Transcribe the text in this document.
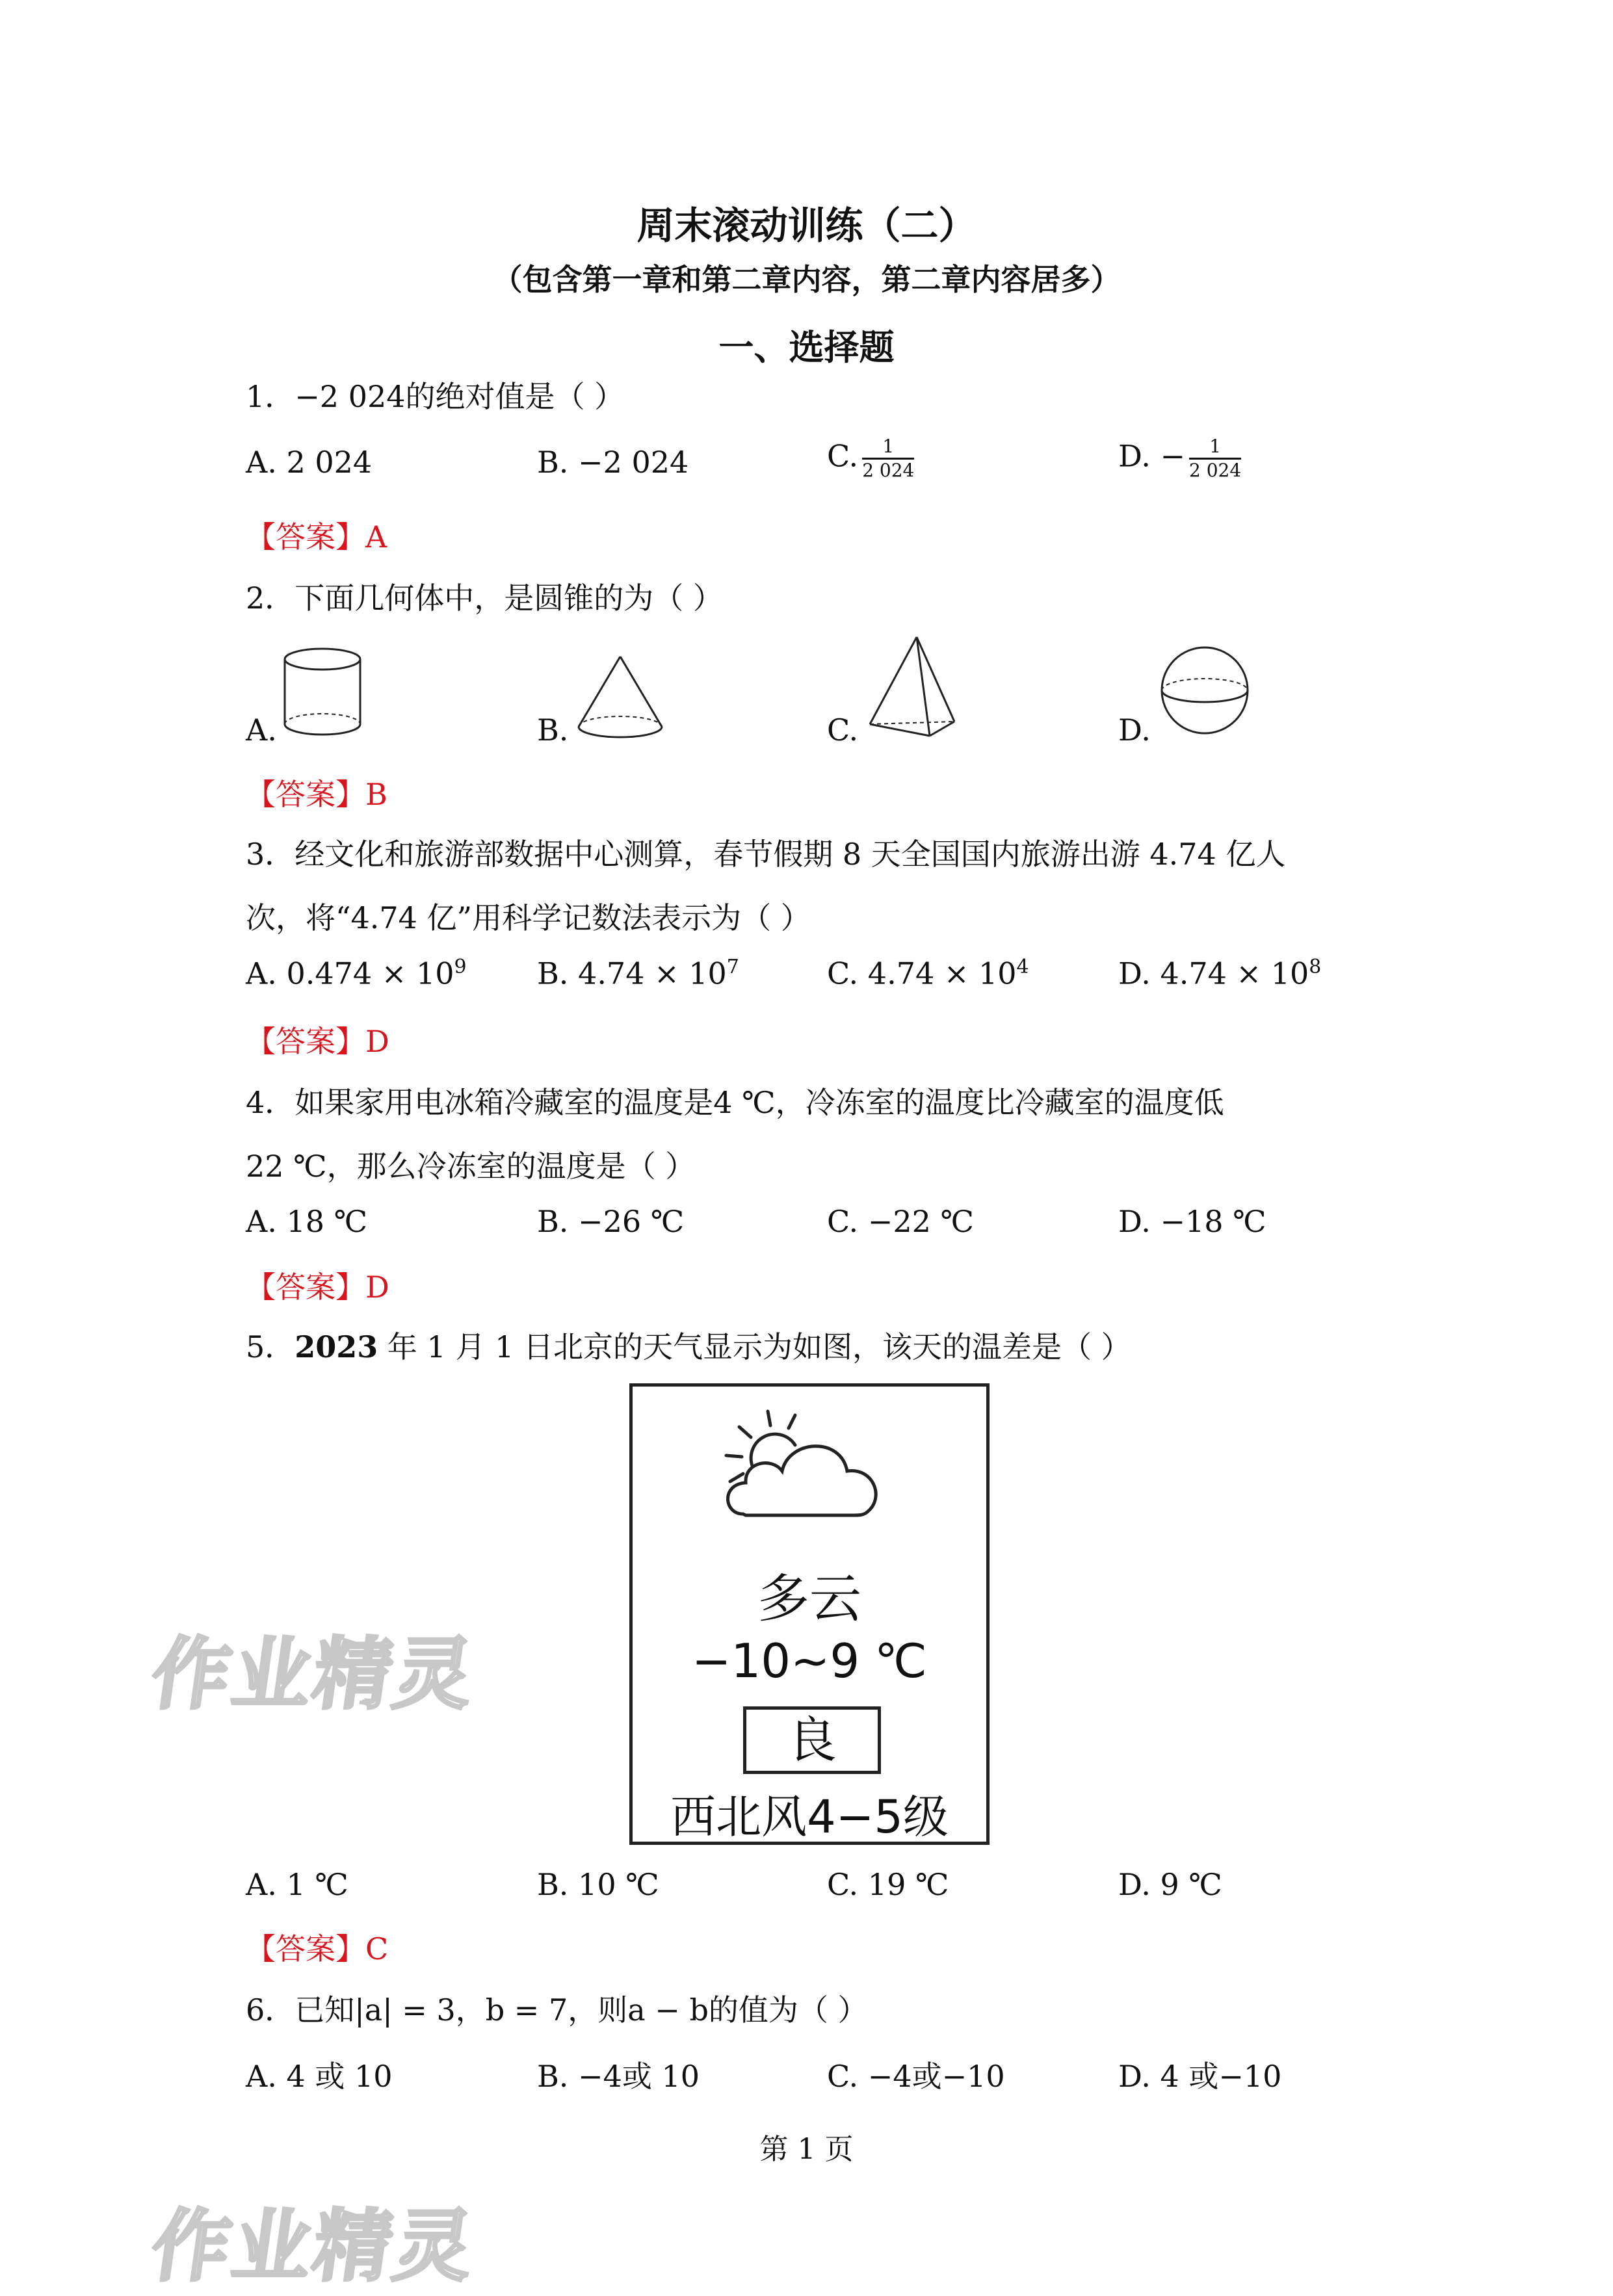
周末滚动训练（二）
（包含第一章和第二章内容，第二章内容居多）
一、选择题
1．−2 024的绝对值是（ ）
A. 2 024	B. −2 024	C. $\frac{1}{2 024}$	D. − $\frac{1}{2 024}$
【答案】A
2．下面几何体中，是圆锥的为（ ）
A.	B.	C.	D.
【答案】B
3．经文化和旅游部数据中心测算，春节假期 8 天全国国内旅游出游 4.74 亿人
次，将“4.74 亿”用科学记数法表示为（ ）
A. $0.474 \times 10^9$ B. $4.74 \times 10^7$	C. $4.74 \times 10^4$	D. $4.74 \times 10^8$
【答案】D
4．如果家用电冰箱冷藏室的温度是4 ℃，冷冻室的温度比冷藏室的温度低
22 ℃，那么冷冻室的温度是（ ）
A. 18 ℃	B. −26 ℃	C. −22 ℃	D. −18 ℃
【答案】D
5．2023 年 1 月 1 日北京的天气显示为如图，该天的温差是（ ）
多云
−10~9 ℃
良
西北风4−5级
A. 1 ℃	B. 10 ℃	C. 19 ℃	D. 9 ℃
【答案】C
6．已知|a| = 3，b = 7，则a − b的值为（ ）
A. 4 或 10	B. −4或 10	C. −4或−10	D. 4 或−10
第 1 页
作业精灵
作业精灵
